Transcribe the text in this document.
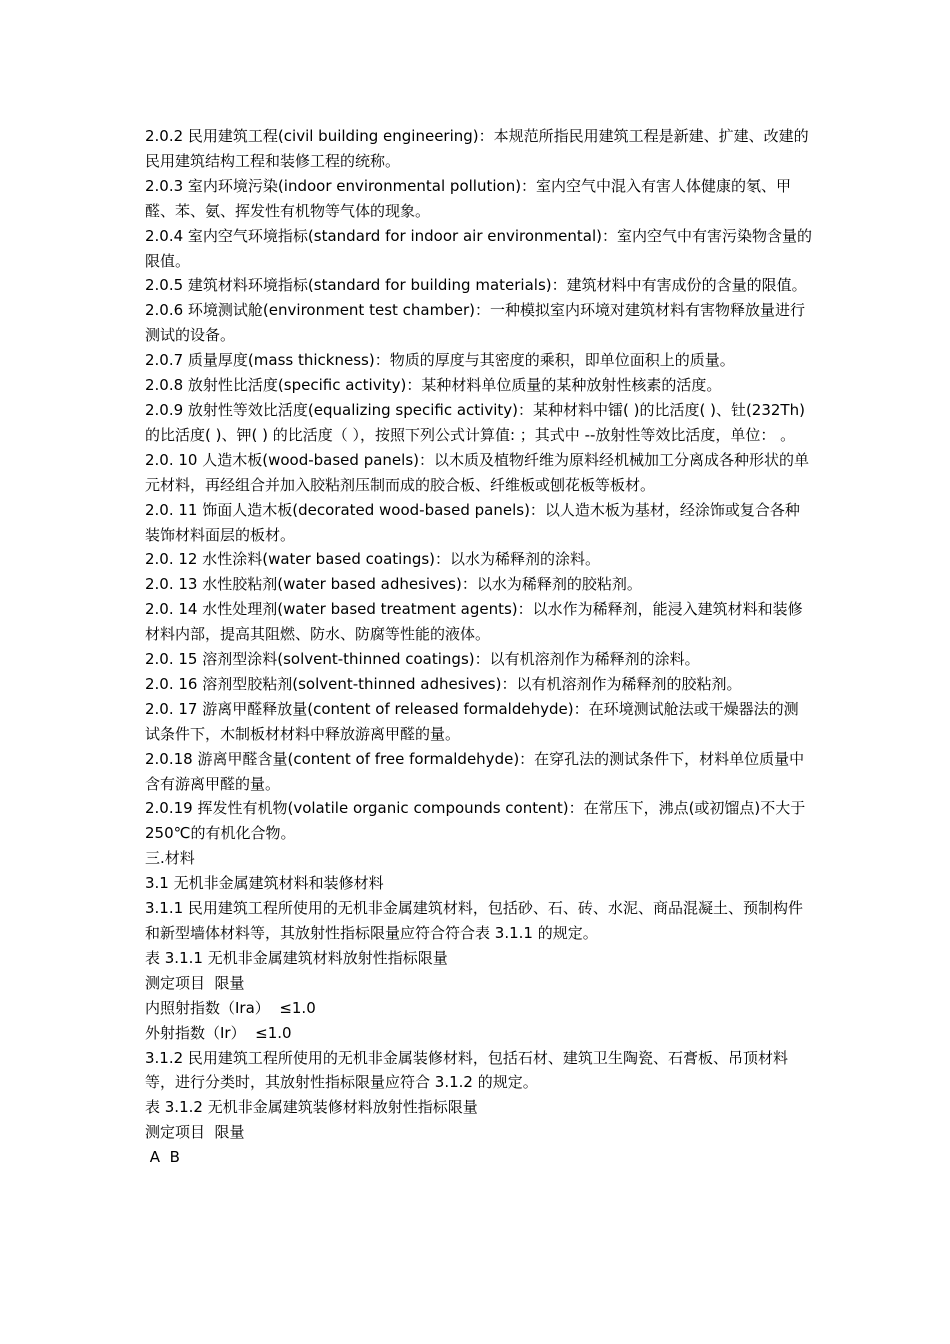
2.0.2 民用建筑工程(civil building engineering)：本规范所指民用建筑工程是新建、扩建、改建的民用建筑结构工程和装修工程的统称。

2.0.3 室内环境污染(indoor environmental pollution)：室内空气中混入有害人体健康的氡、甲醛、苯、氨、挥发性有机物等气体的现象。

2.0.4 室内空气环境指标(standard for indoor air environmental)：室内空气中有害污染物含量的限值。

2.0.5 建筑材料环境指标(standard for building materials)：建筑材料中有害成份的含量的限值。

2.0.6 环境测试舱(environment test chamber)：一种模拟室内环境对建筑材料有害物释放量进行测试的设备。

2.0.7 质量厚度(mass thickness)：物质的厚度与其密度的乘积，即单位面积上的质量。

2.0.8 放射性比活度(specific activity)：某种材料单位质量的某种放射性核素的活度。

2.0.9 放射性等效比活度(equalizing specific activity)：某种材料中镭( )的比活度( )、钍(232Th)的比活度( )、钾( ) 的比活度（ ），按照下列公式计算值: ；其式中 --放射性等效比活度，单位： 。

2.0. 10 人造木板(wood-based panels)：以木质及植物纤维为原料经机械加工分离成各种形状的单元材料，再经组合并加入胶粘剂压制而成的胶合板、纤维板或刨花板等板材。

2.0. 11 饰面人造木板(decorated wood-based panels)：以人造木板为基材，经涂饰或复合各种装饰材料面层的板材。

2.0. 12 水性涂料(water based coatings)：以水为稀释剂的涂料。

2.0. 13 水性胶粘剂(water based adhesives)：以水为稀释剂的胶粘剂。

2.0. 14 水性处理剂(water based treatment agents)：以水作为稀释剂，能浸入建筑材料和装修材料内部，提高其阻燃、防水、防腐等性能的液体。

2.0. 15 溶剂型涂料(solvent-thinned coatings)：以有机溶剂作为稀释剂的涂料。

2.0. 16 溶剂型胶粘剂(solvent-thinned adhesives)：以有机溶剂作为稀释剂的胶粘剂。

2.0. 17 游离甲醛释放量(content of released formaldehyde)：在环境测试舱法或干燥器法的测试条件下，木制板材材料中释放游离甲醛的量。

2.0.18 游离甲醛含量(content of free formaldehyde)：在穿孔法的测试条件下，材料单位质量中含有游离甲醛的量。

2.0.19 挥发性有机物(volatile organic compounds content)：在常压下，沸点(或初馏点)不大于 250℃的有机化合物。

三.材料

3.1 无机非金属建筑材料和装修材料

3.1.1 民用建筑工程所使用的无机非金属建筑材料，包括砂、石、砖、水泥、商品混凝土、预制构件和新型墙体材料等，其放射性指标限量应符合符合表 3.1.1 的规定。

表 3.1.1 无机非金属建筑材料放射性指标限量

测定项目  限量

内照射指数（Ira）  ≤1.0

外射指数（Ir）  ≤1.0

3.1.2 民用建筑工程所使用的无机非金属装修材料，包括石材、建筑卫生陶瓷、石膏板、吊顶材料等，进行分类时，其放射性指标限量应符合 3.1.2 的规定。

表 3.1.2 无机非金属建筑装修材料放射性指标限量

测定项目  限量

A  B
